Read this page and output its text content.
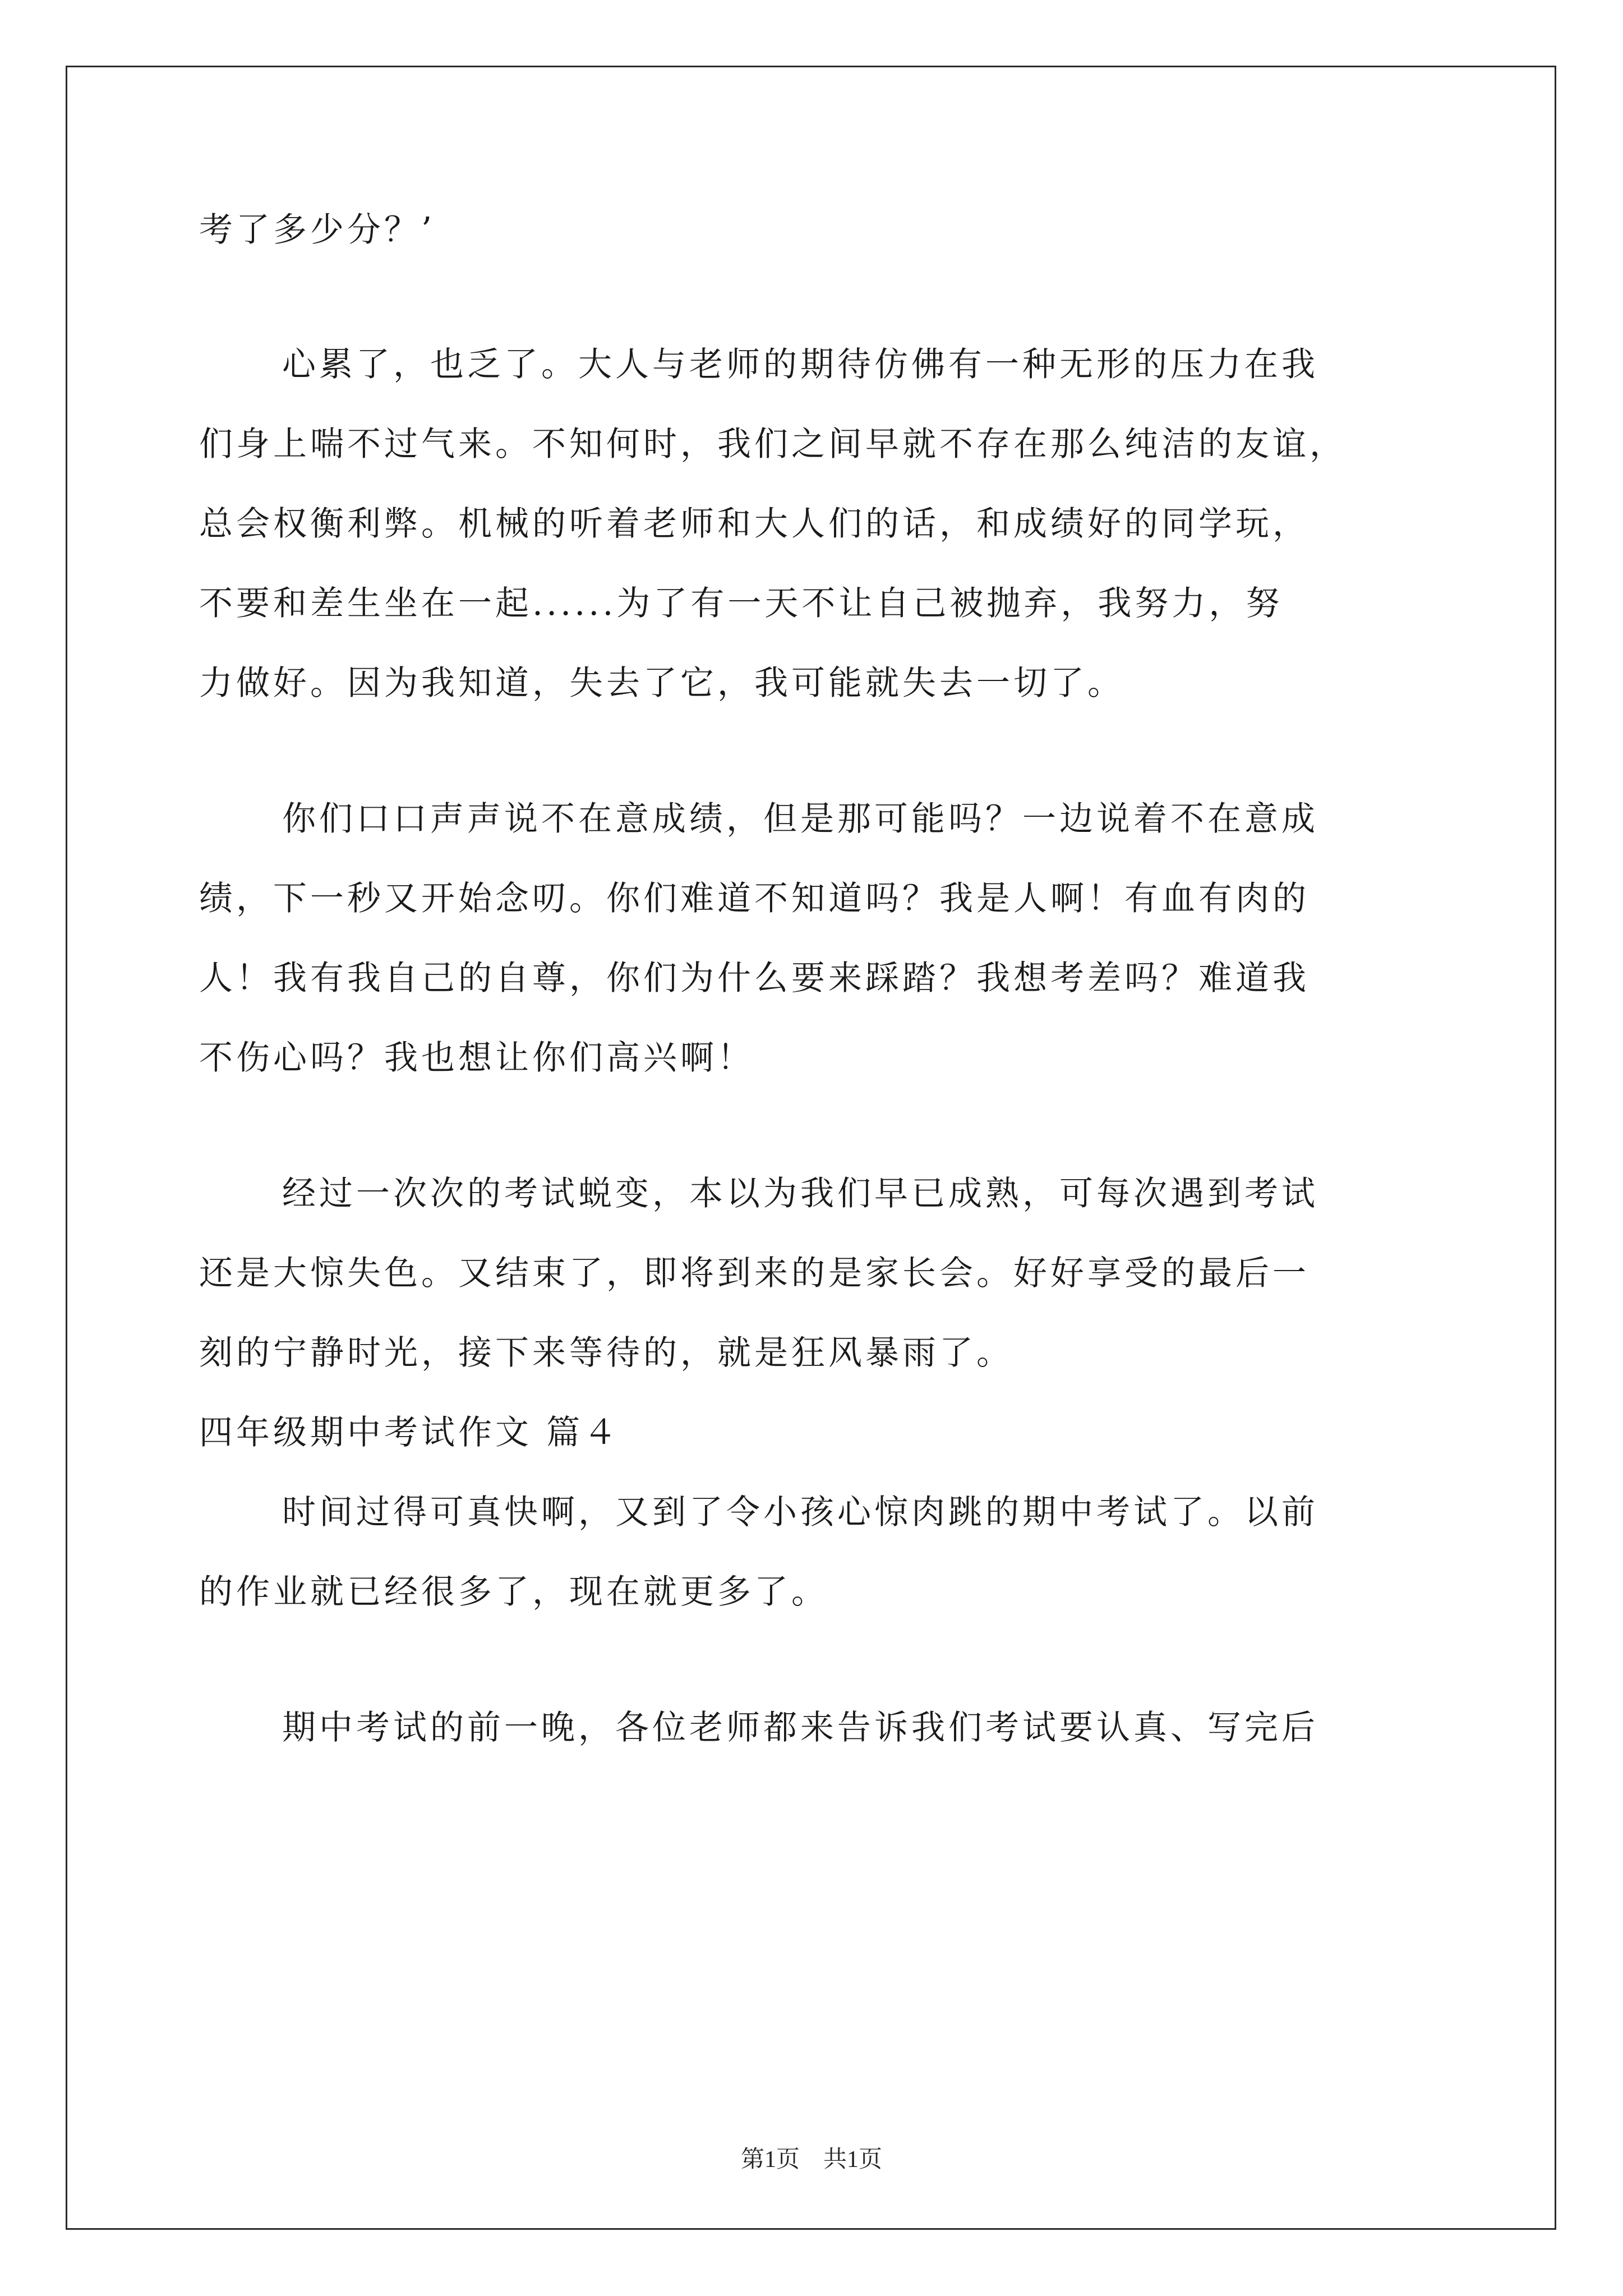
考了多少分？’
心累了，也乏了。大人与老师的期待仿佛有一种无形的压力在我
们身上喘不过气来。不知何时，我们之间早就不存在那么纯洁的友谊，
总会权衡利弊。机械的听着老师和大人们的话，和成绩好的同学玩，
不要和差生坐在一起......为了有一天不让自己被抛弃，我努力，努
力做好。因为我知道，失去了它，我可能就失去一切了。
你们口口声声说不在意成绩，但是那可能吗？一边说着不在意成
绩，下一秒又开始念叨。你们难道不知道吗？我是人啊！有血有肉的
人！我有我自己的自尊，你们为什么要来踩踏？我想考差吗？难道我
不伤心吗？我也想让你们高兴啊！
经过一次次的考试蜕变，本以为我们早已成熟，可每次遇到考试
还是大惊失色。又结束了，即将到来的是家长会。好好享受的最后一
刻的宁静时光，接下来等待的，就是狂风暴雨了。
四年级期中考试作文 篇４
时间过得可真快啊，又到了令小孩心惊肉跳的期中考试了。以前
的作业就已经很多了，现在就更多了。
期中考试的前一晚，各位老师都来告诉我们考试要认真、写完后
第1页　共1页
